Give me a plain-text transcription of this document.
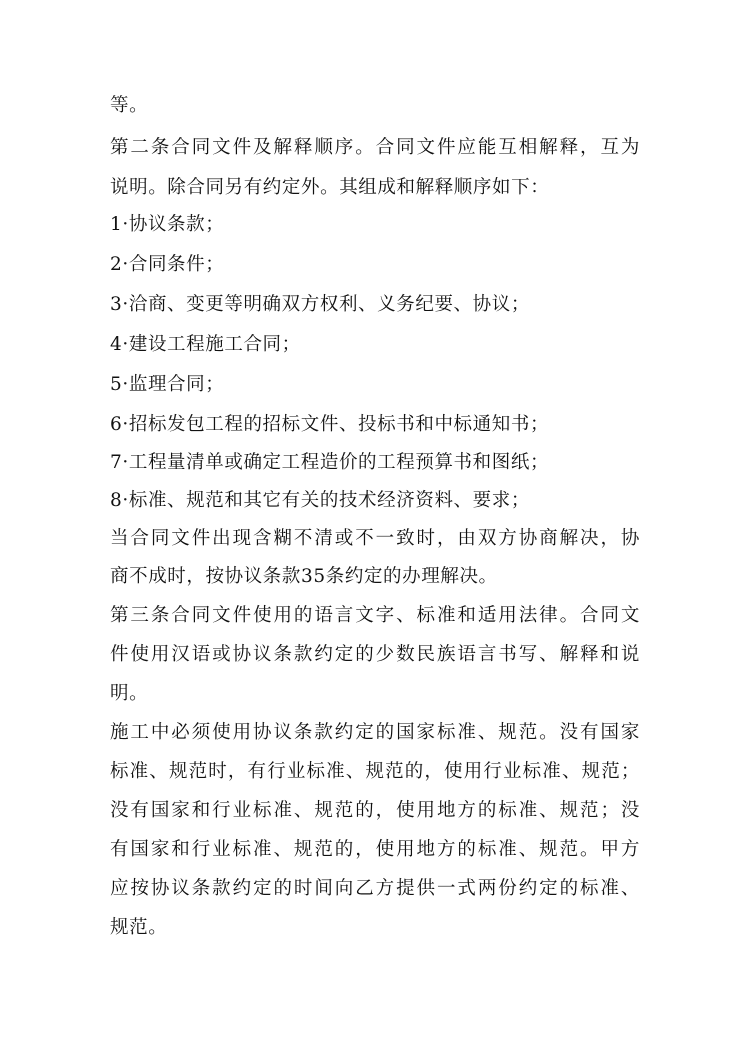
等。
第二条合同文件及解释顺序。合同文件应能互相解释，互为
说明。除合同另有约定外。其组成和解释顺序如下：
1·协议条款；
2·合同条件；
3·洽商、变更等明确双方权利、义务纪要、协议；
4·建设工程施工合同；
5·监理合同；
6·招标发包工程的招标文件、投标书和中标通知书；
7·工程量清单或确定工程造价的工程预算书和图纸；
8·标准、规范和其它有关的技术经济资料、要求；
当合同文件出现含糊不清或不一致时，由双方协商解决，协
商不成时，按协议条款35条约定的办理解决。
第三条合同文件使用的语言文字、标准和适用法律。合同文
件使用汉语或协议条款约定的少数民族语言书写、解释和说
明。
施工中必须使用协议条款约定的国家标准、规范。没有国家
标准、规范时，有行业标准、规范的，使用行业标准、规范；
没有国家和行业标准、规范的，使用地方的标准、规范；没
有国家和行业标准、规范的，使用地方的标准、规范。甲方
应按协议条款约定的时间向乙方提供一式两份约定的标准、
规范。
